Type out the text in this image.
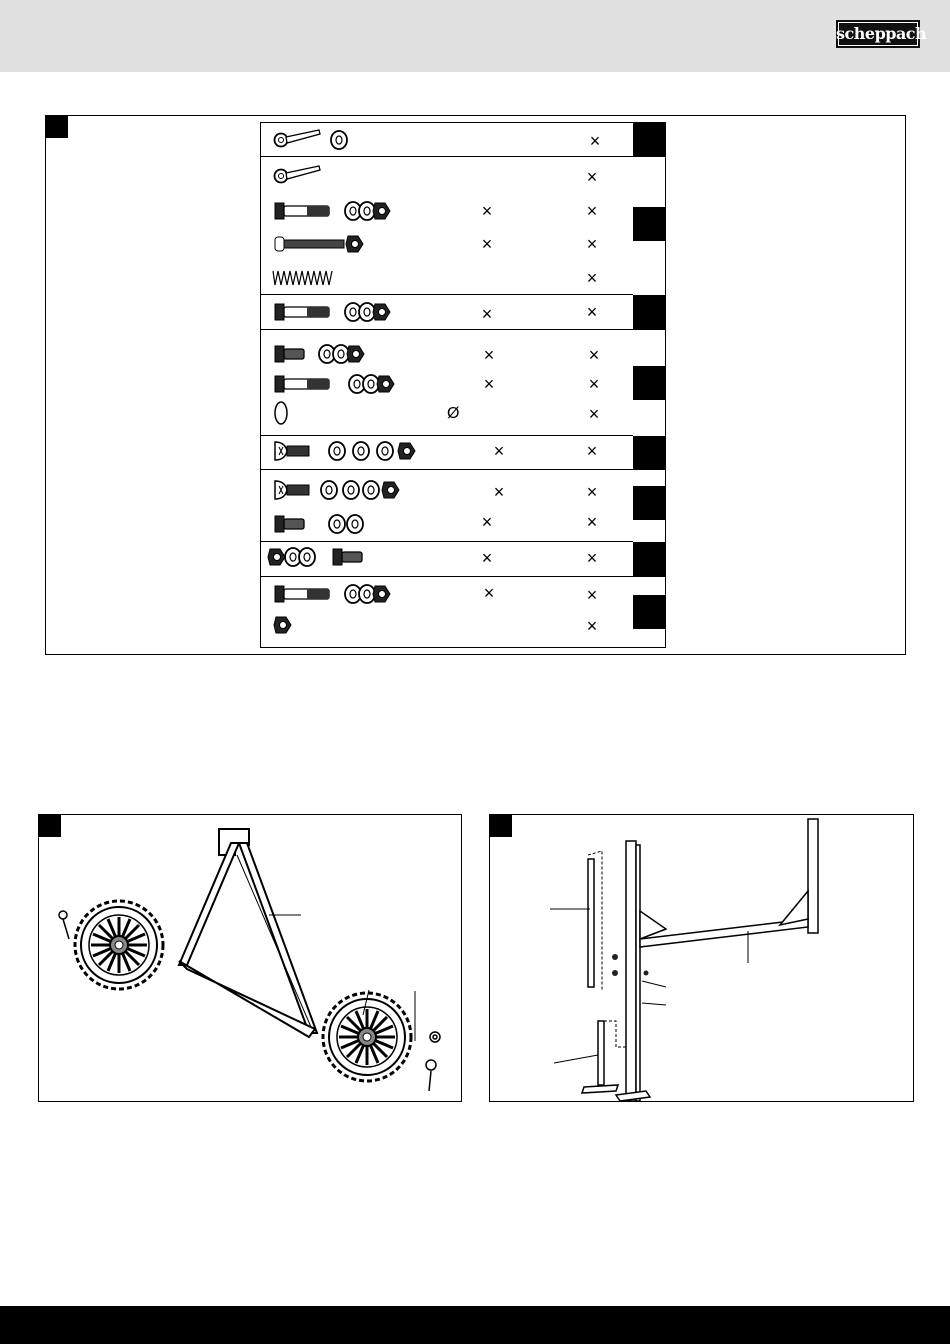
scheppach
×
×
×	×
×	×
×
×	×
×	×
×	×
Ø	×
×	×
×	×
×	×
×	×
×	×
×
